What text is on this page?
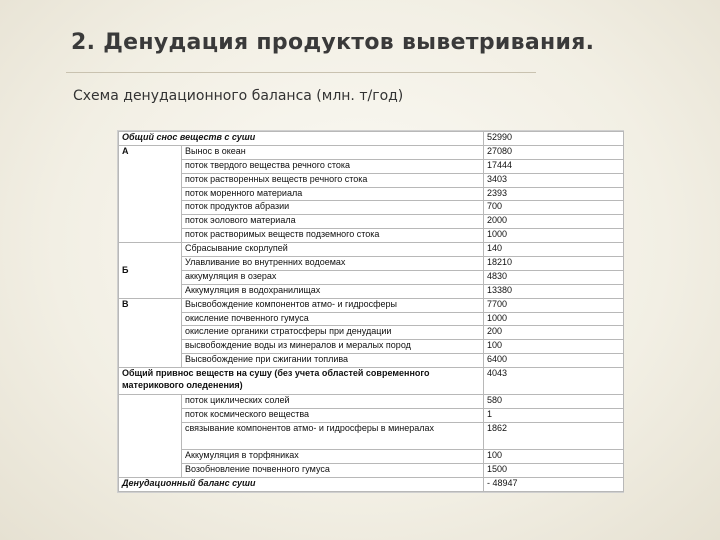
2. Денудация продуктов выветривания.
Схема денудационного баланса (млн. т/год)
Общий снос веществ с суши		52990
А	Вынос в океан	27080
	поток твердого вещества речного стока	17444
	поток растворенных веществ речного стока	3403
	поток моренного материала	2393
	поток продуктов абразии	700
	поток эолового материала	2000
	поток растворимых веществ подземного стока	1000
Б	Сбрасывание скорлупей	140
	Улавливание во внутренних водоемах	18210
	аккумуляция в озерах	4830
	Аккумуляция в водохранилищах	13380
В	Высвобождение компонентов атмо- и гидросферы	7700
	окисление почвенного гумуса	1000
	окисление органики стратосферы при денудации	200
	высвобождение воды из минералов и мералых пород	100
	Высвобождение при сжигании топлива	6400
Общий привнос веществ на сушу (без учета областей современного материкового оледенения)		4043
	поток циклических солей	580
	поток космического вещества	1
	связывание компонентов атмо- и гидросферы в минералах	1862
	Аккумуляция в торфяниках	100
	Возобновление почвенного гумуса	1500
Денудационный баланс суши		- 48947
